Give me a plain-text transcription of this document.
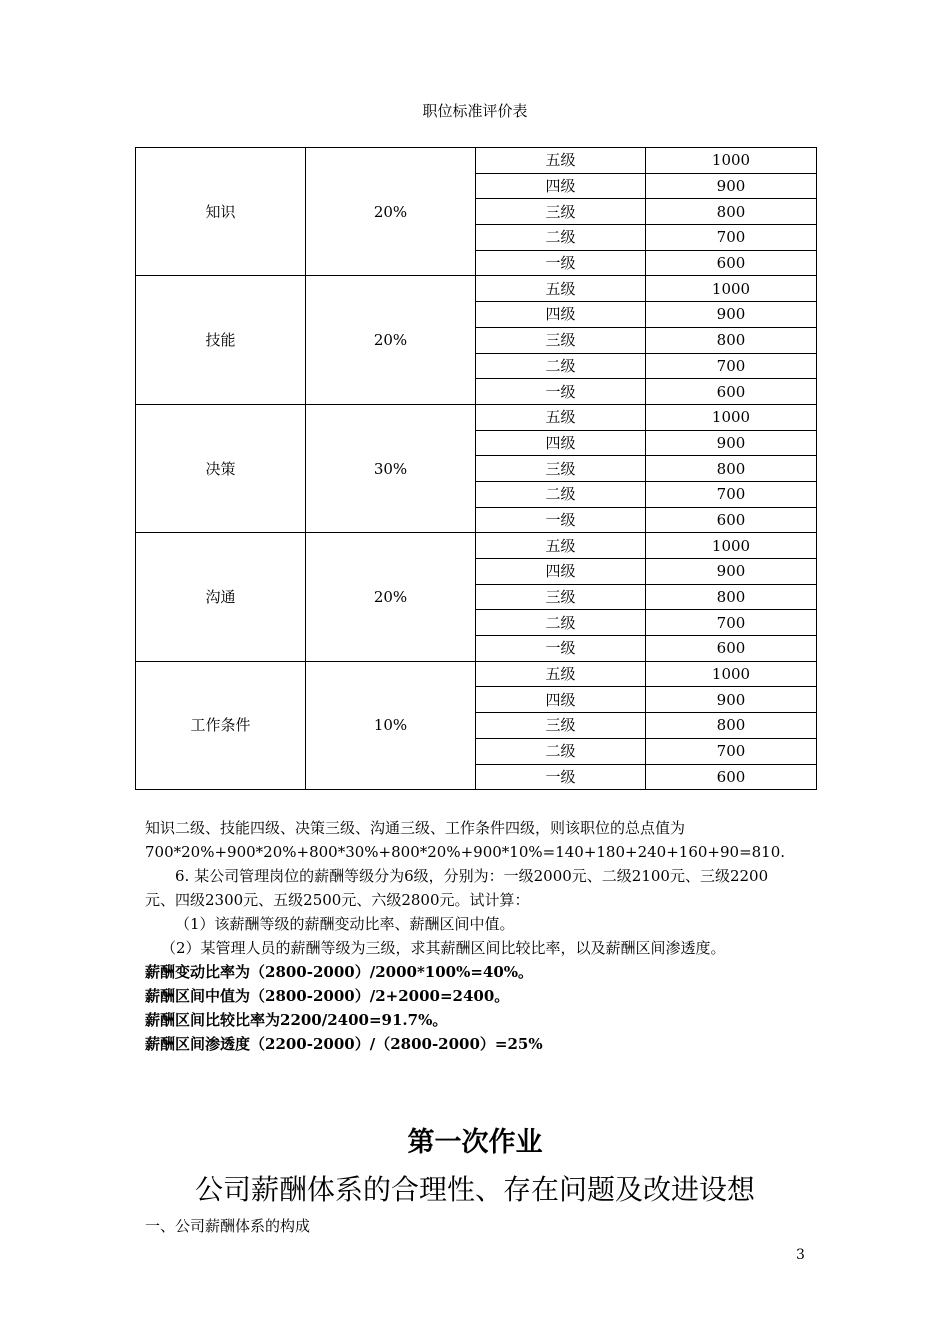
职位标准评价表
知识	20%	五级	1000
		四级	900
		三级	800
		二级	700
		一级	600
技能	20%	五级	1000
		四级	900
		三级	800
		二级	700
		一级	600
决策	30%	五级	1000
		四级	900
		三级	800
		二级	700
		一级	600
沟通	20%	五级	1000
		四级	900
		三级	800
		二级	700
		一级	600
工作条件	10%	五级	1000
		四级	900
		三级	800
		二级	700
		一级	600
知识二级、技能四级、决策三级、沟通三级、工作条件四级，则该职位的总点值为
700*20%+900*20%+800*30%+800*20%+900*10%=140+180+240+160+90=810.
6. 某公司管理岗位的薪酬等级分为6级，分别为：一级2000元、二级2100元、三级2200
元、四级2300元、五级2500元、六级2800元。试计算：
（1）该薪酬等级的薪酬变动比率、薪酬区间中值。
（2）某管理人员的薪酬等级为三级，求其薪酬区间比较比率，以及薪酬区间渗透度。
薪酬变动比率为（2800-2000）/2000*100%=40%。
薪酬区间中值为（2800-2000）/2+2000=2400。
薪酬区间比较比率为2200/2400=91.7%。
薪酬区间渗透度（2200-2000）/（2800-2000）=25%
第一次作业
公司薪酬体系的合理性、存在问题及改进设想
一、公司薪酬体系的构成
3
